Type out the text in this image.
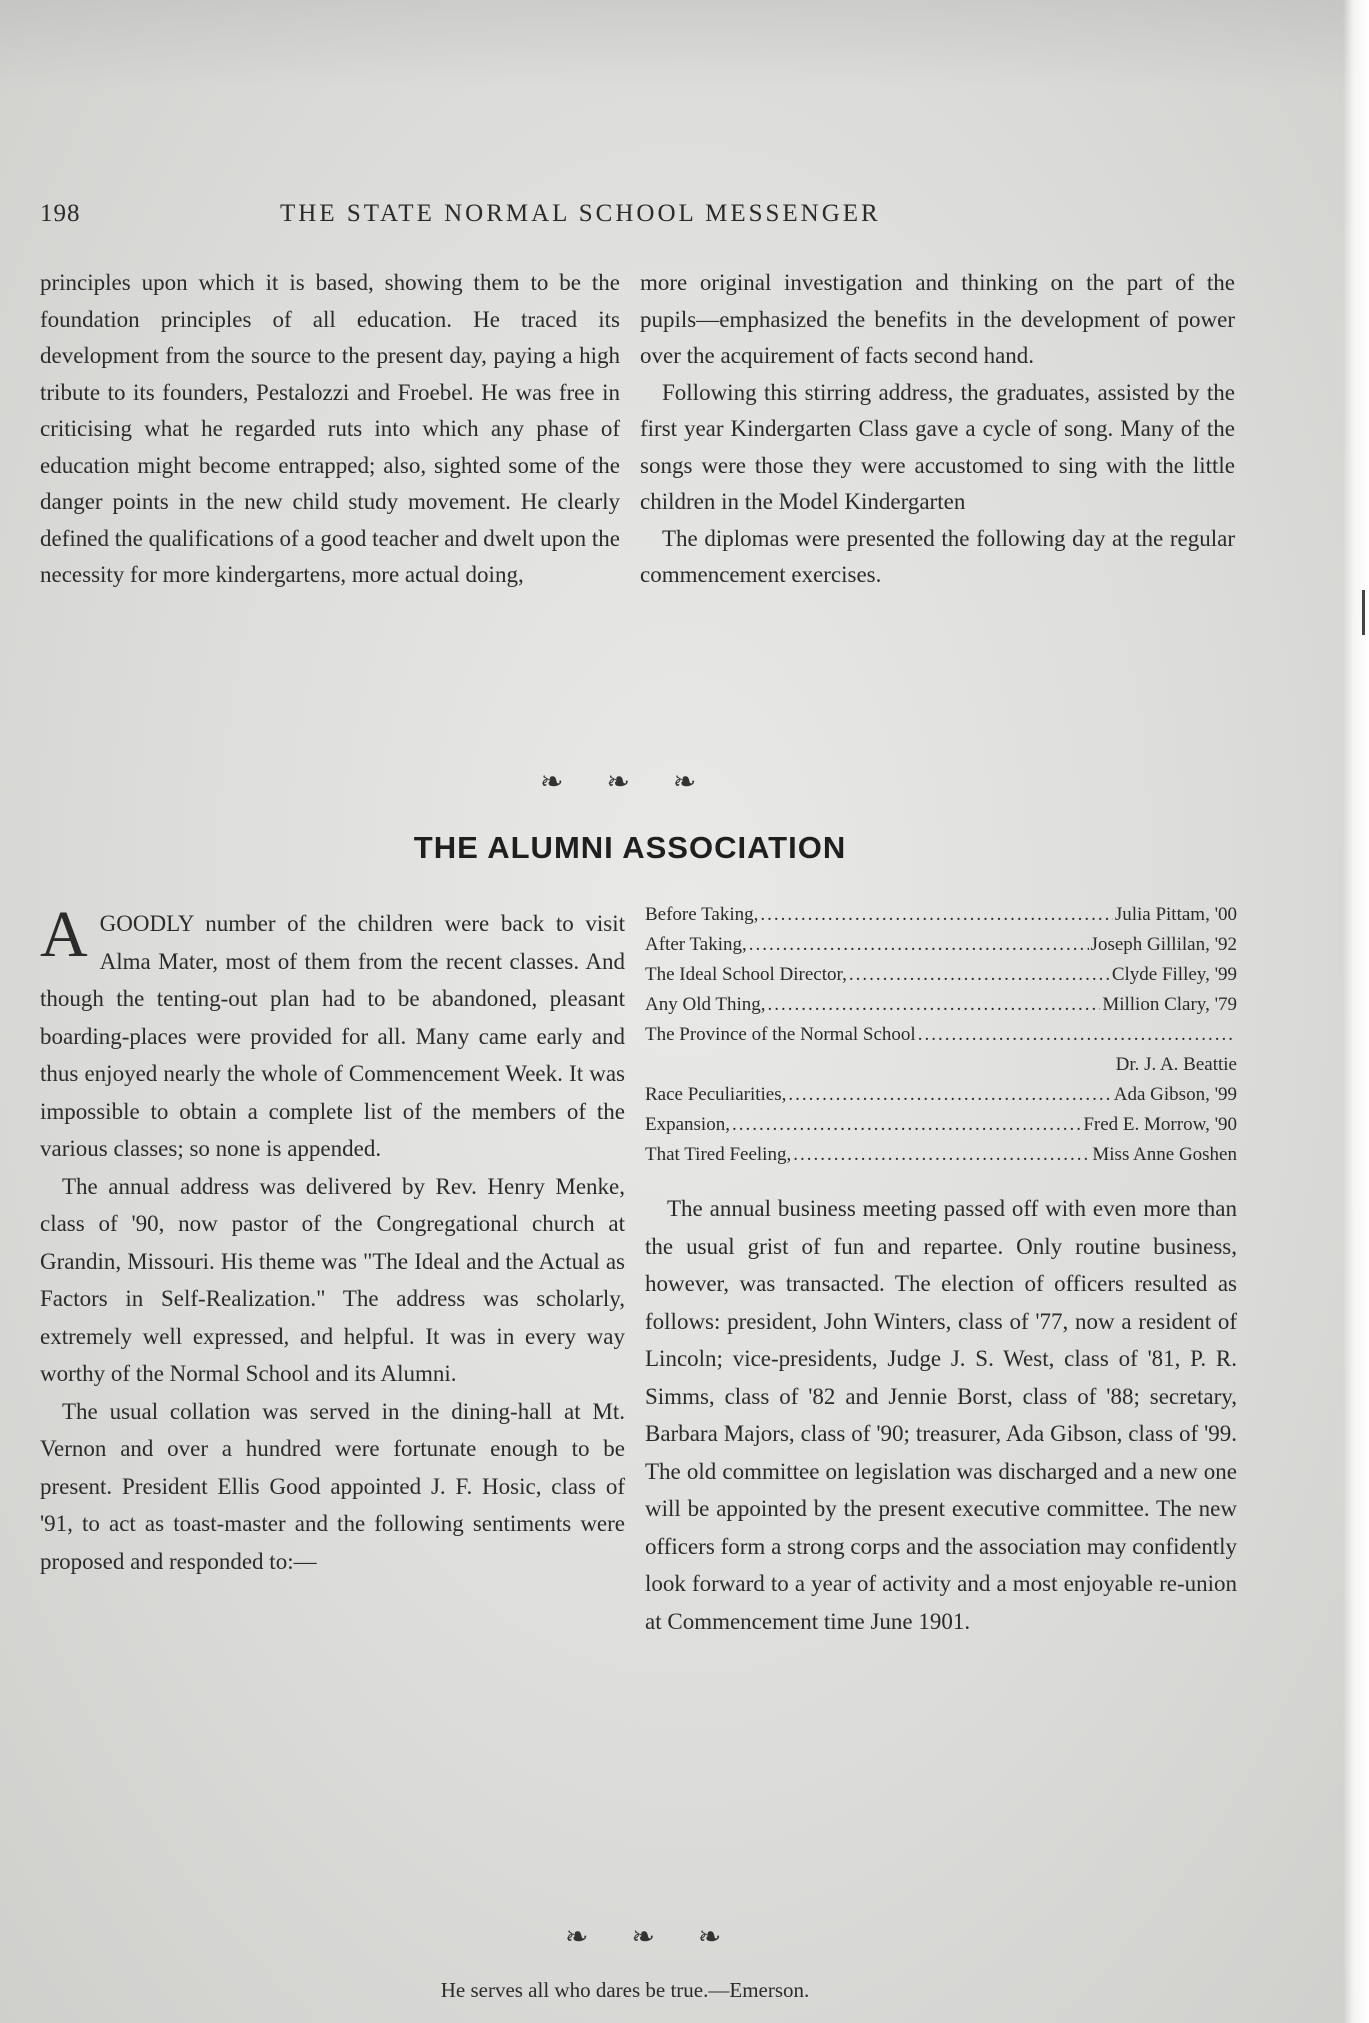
198	THE STATE NORMAL SCHOOL MESSENGER

principles upon which it is based, showing them to be the foundation principles of all education. He traced its development from the source to the present day, paying a high tribute to its founders, Pestalozzi and Froebel. He was free in criticising what he regarded ruts into which any phase of education might become entrapped; also, sighted some of the danger points in the new child study movement. He clearly defined the qualifications of a good teacher and dwelt upon the necessity for more kindergartens, more actual doing,

more original investigation and thinking on the part of the pupils—emphasized the benefits in the development of power over the acquirement of facts second hand.

Following this stirring address, the graduates, assisted by the first year Kindergarten Class gave a cycle of song. Many of the songs were those they were accustomed to sing with the little children in the Model Kindergarten

The diplomas were presented the following day at the regular commencement exercises.

❧ ❧ ❧
THE ALUMNI ASSOCIATION

AGOODLY number of the children were back to visit Alma Mater, most of them from the recent classes. And though the tenting-out plan had to be abandoned, pleasant boarding-places were provided for all. Many came early and thus enjoyed nearly the whole of Commencement Week. It was impossible to obtain a complete list of the members of the various classes; so none is appended.

The annual address was delivered by Rev. Henry Menke, class of '90, now pastor of the Congregational church at Grandin, Missouri. His theme was "The Ideal and the Actual as Factors in Self-Realization." The address was scholarly, extremely well expressed, and helpful. It was in every way worthy of the Normal School and its Alumni.

The usual collation was served in the dining-hall at Mt. Vernon and over a hundred were fortunate enough to be present. President Ellis Good appointed J. F. Hosic, class of '91, to act as toast-master and the following sentiments were proposed and responded to:—

Before Taking, .....	Julia Pittam, '00
After Taking, .....	Joseph Gillilan, '92
The Ideal School Director, .....	Clyde Filley, '99
Any Old Thing, .....	Million Clary, '79
The Province of the Normal School
.....
Dr. J. A. Beattie
Race Peculiarities, .....	Ada Gibson, '99
Expansion, .....	Fred E. Morrow, '90
That Tired Feeling, .....	Miss Anne Goshen

The annual business meeting passed off with even more than the usual grist of fun and repartee. Only routine business, however, was transacted. The election of officers resulted as follows: president, John Winters, class of '77, now a resident of Lincoln; vice-presidents, Judge J. S. West, class of '81, P. R. Simms, class of '82 and Jennie Borst, class of '88; secretary, Barbara Majors, class of '90; treasurer, Ada Gibson, class of '99. The old committee on legislation was discharged and a new one will be appointed by the present executive committee. The new officers form a strong corps and the association may confidently look forward to a year of activity and a most enjoyable re-union at Commencement time June 1901.

❧ ❧ ❧
He serves all who dares be true.—Emerson.
